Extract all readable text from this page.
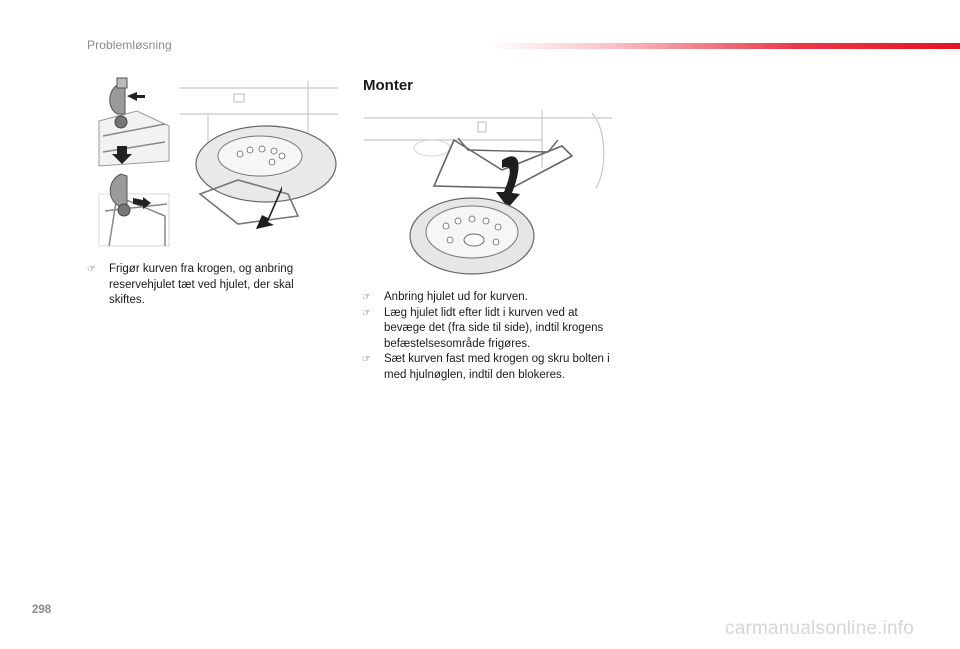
Problemløsning
☞	Frigør kurven fra krogen, og anbring reservehjulet tæt ved hjulet, der skal skiftes.
Monter
☞	Anbring hjulet ud for kurven.
☞	Læg hjulet lidt efter lidt i kurven ved at bevæge det (fra side til side), indtil krogens befæstelsesområde frigøres.
☞	Sæt kurven fast med krogen og skru bolten i med hjulnøglen, indtil den blokeres.
298
carmanualsonline.info
